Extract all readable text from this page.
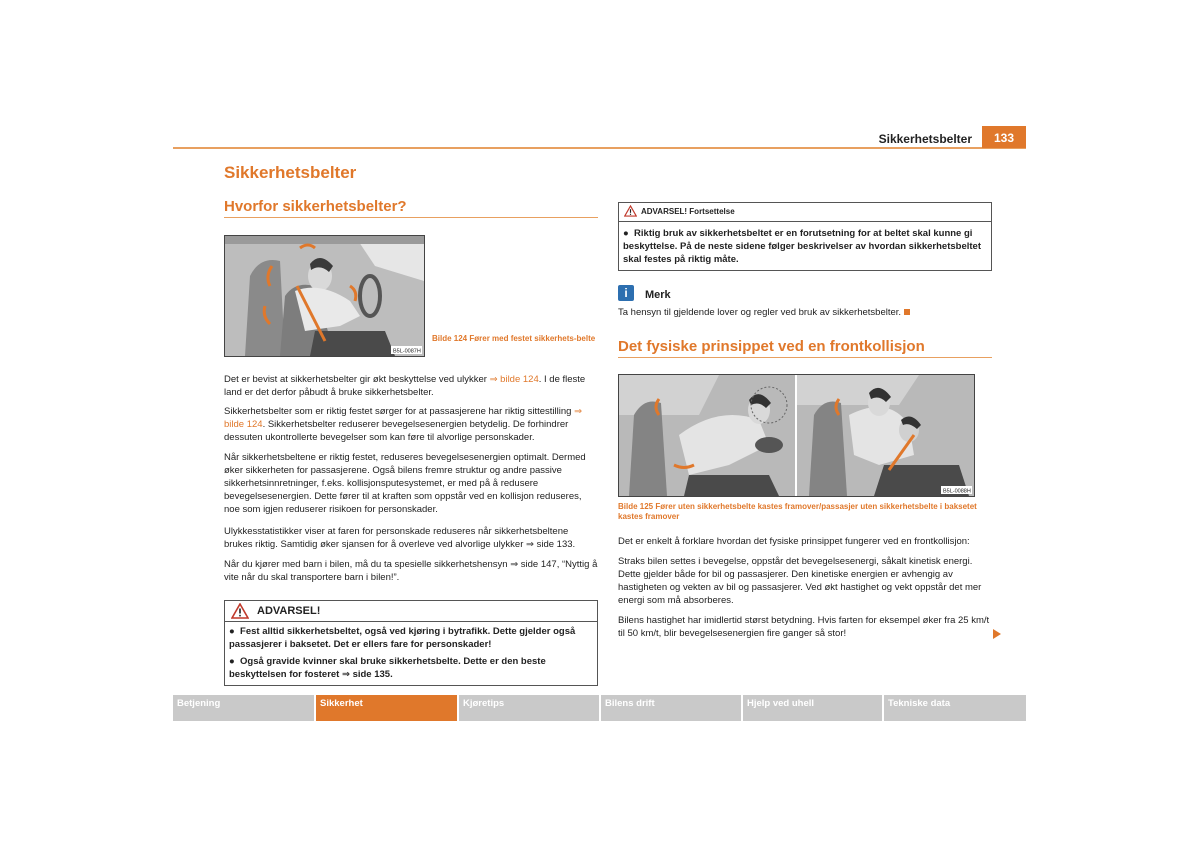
Sikkerhetsbelter	133
Sikkerhetsbelter
Hvorfor sikkerhetsbelter?
B5L-0087H
Bilde 124 Fører med festet sikkerhets-belte
Det er bevist at sikkerhetsbelter gir økt beskyttelse ved ulykker ⇒ bilde 124. I de fleste land er det derfor påbudt å bruke sikkerhetsbelter.
Sikkerhetsbelter som er riktig festet sørger for at passasjerene har riktig sittestilling ⇒ bilde 124. Sikkerhetsbelter reduserer bevegelsesenergien betydelig. De forhindrer dessuten ukontrollerte bevegelser som kan føre til alvorlige personskader.
Når sikkerhetsbeltene er riktig festet, reduseres bevegelsesenergien optimalt. Dermed øker sikkerheten for passasjerene. Også bilens fremre struktur og andre passive sikkerhetsinnretninger, f.eks. kollisjonsputesystemet, er med på å redusere bevegelsesenergien. Dette fører til at kraften som oppstår ved en kollisjon reduseres, noe som igjen reduserer risikoen for personskader.
Ulykkesstatistikker viser at faren for personskade reduseres når sikkerhetsbeltene brukes riktig. Samtidig øker sjansen for å overleve ved alvorlige ulykker ⇒ side 133.
Når du kjører med barn i bilen, må du ta spesielle sikkerhetshensyn ⇒ side 147, “Nyttig å vite når du skal transportere barn i bilen!”.
ADVARSEL!
●  Fest alltid sikkerhetsbeltet, også ved kjøring i bytrafikk. Dette gjelder også passasjerer i baksetet. Det er ellers fare for personskader!
●  Også gravide kvinner skal bruke sikkerhetsbelte. Dette er den beste beskyttelsen for fosteret ⇒ side 135.
ADVARSEL! Fortsettelse
●  Riktig bruk av sikkerhetsbeltet er en forutsetning for at beltet skal kunne gi beskyttelse. På de neste sidene følger beskrivelser av hvordan sikkerhetsbeltet skal festes på riktig måte.
i	Merk
Ta hensyn til gjeldende lover og regler ved bruk av sikkerhetsbelter.
Det fysiske prinsippet ved en frontkollisjon
B5L-0088H
Bilde 125 Fører uten sikkerhetsbelte kastes framover/passasjer uten sikkerhetsbelte i baksetet kastes framover
Det er enkelt å forklare hvordan det fysiske prinsippet fungerer ved en frontkollisjon:
Straks bilen settes i bevegelse, oppstår det bevegelsesenergi, såkalt kinetisk energi. Dette gjelder både for bil og passasjerer. Den kinetiske energien er avhengig av hastigheten og vekten av bil og passasjerer. Ved økt hastighet og vekt oppstår det mer energi som må absorberes.
Bilens hastighet har imidlertid størst betydning. Hvis farten for eksempel øker fra 25 km/t til 50 km/t, blir bevegelsesenergien fire ganger så stor!
Betjening	Sikkerhet	Kjøretips	Bilens drift	Hjelp ved uhell	Tekniske data
